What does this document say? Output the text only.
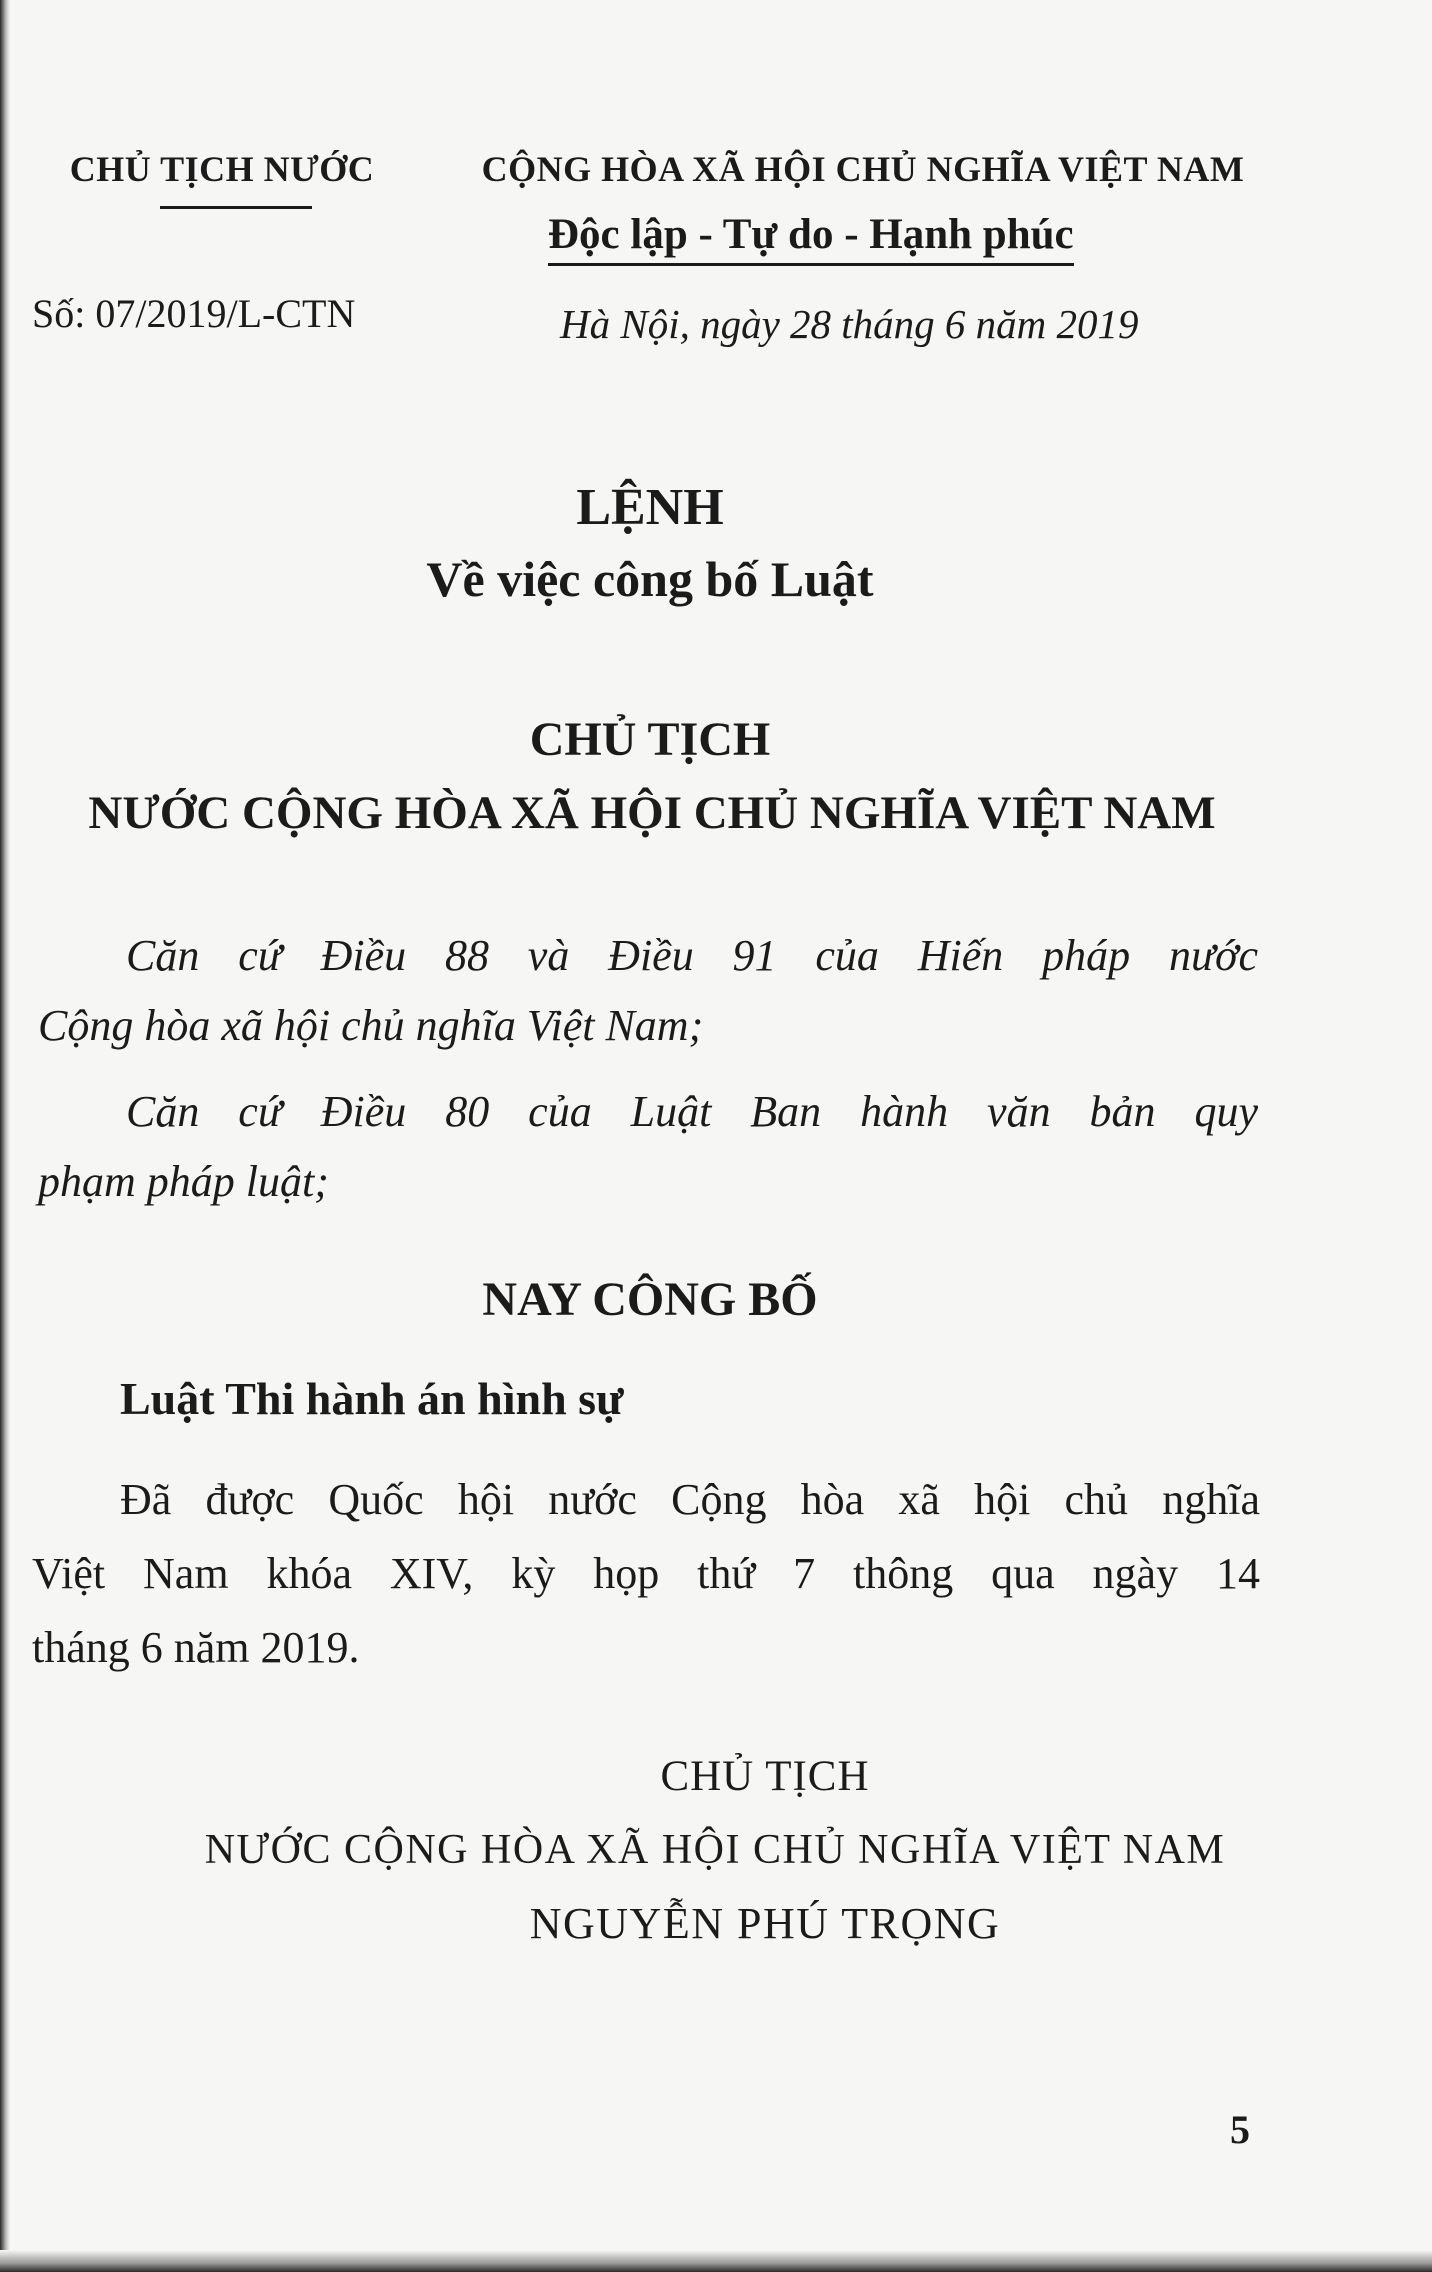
CHỦ TỊCH NƯỚC
Số: 07/2019/L-CTN
CỘNG HÒA XÃ HỘI CHỦ NGHĨA VIỆT NAM
Độc lập - Tự do - Hạnh phúc
Hà Nội, ngày 28 tháng 6 năm 2019
LỆNH
Về việc công bố Luật
CHỦ TỊCH
NƯỚC CỘNG HÒA XÃ HỘI CHỦ NGHĨA VIỆT NAM
Căn cứ Điều 88 và Điều 91 của Hiến pháp nước
Cộng hòa xã hội chủ nghĩa Việt Nam;
Căn cứ Điều 80 của Luật Ban hành văn bản quy
phạm pháp luật;
NAY CÔNG BỐ
Luật Thi hành án hình sự
Đã được Quốc hội nước Cộng hòa xã hội chủ nghĩa
Việt Nam khóa XIV, kỳ họp thứ 7 thông qua ngày 14
tháng 6 năm 2019.
CHỦ TỊCH
NƯỚC CỘNG HÒA XÃ HỘI CHỦ NGHĨA VIỆT NAM
NGUYỄN PHÚ TRỌNG
5
